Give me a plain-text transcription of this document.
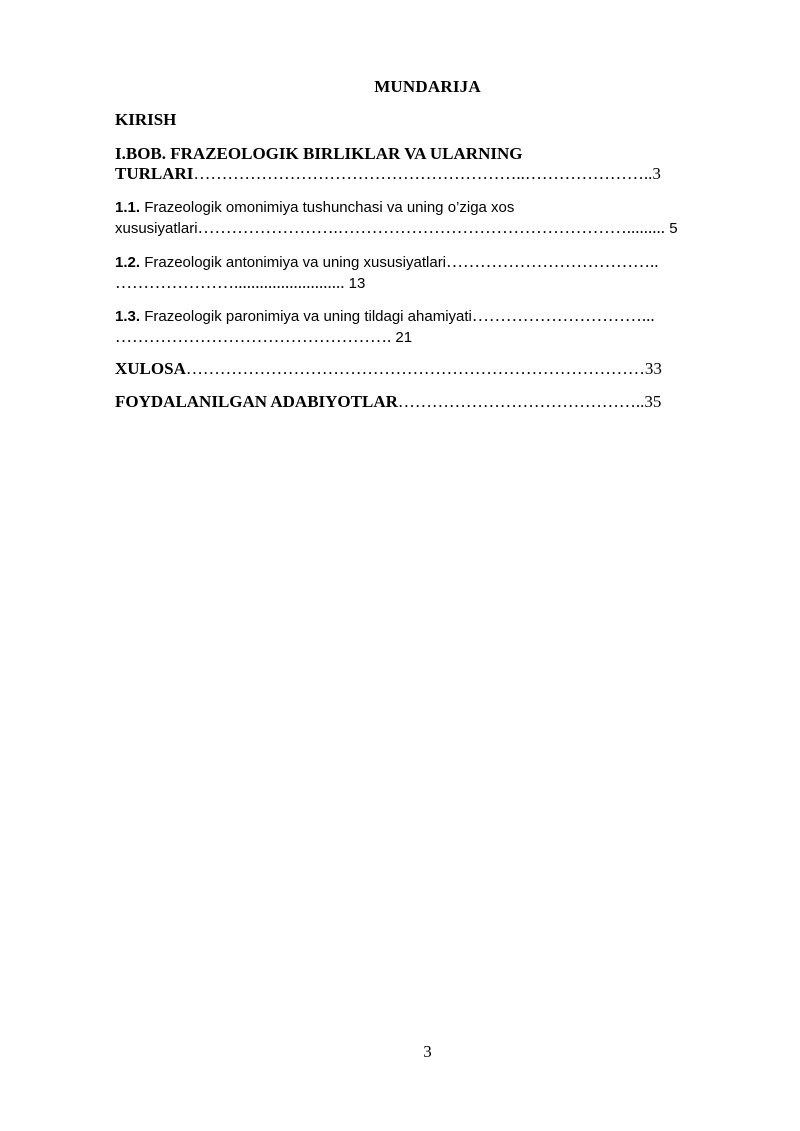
MUNDARIJA
KIRISH
I.BOB. FRAZEOLOGIK BIRLIKLAR VA ULARNING
TURLARI…………………………………………………..…………………..3
1.1. Frazeologik omonimiya tushunchasi va uning o’ziga xos
xususiyatlari…………………….……………………………………………......... 5
1.2. Frazeologik antonimiya va uning xususiyatlari………………………………..
………………….......................... 13
1.3. Frazeologik paronimiya va uning tildagi ahamiyati…………………………...
…………………………………………. 21
XULOSA………………………………………………………………………33
FOYDALANILGAN ADABIYOTLAR……………………………………..35
3
